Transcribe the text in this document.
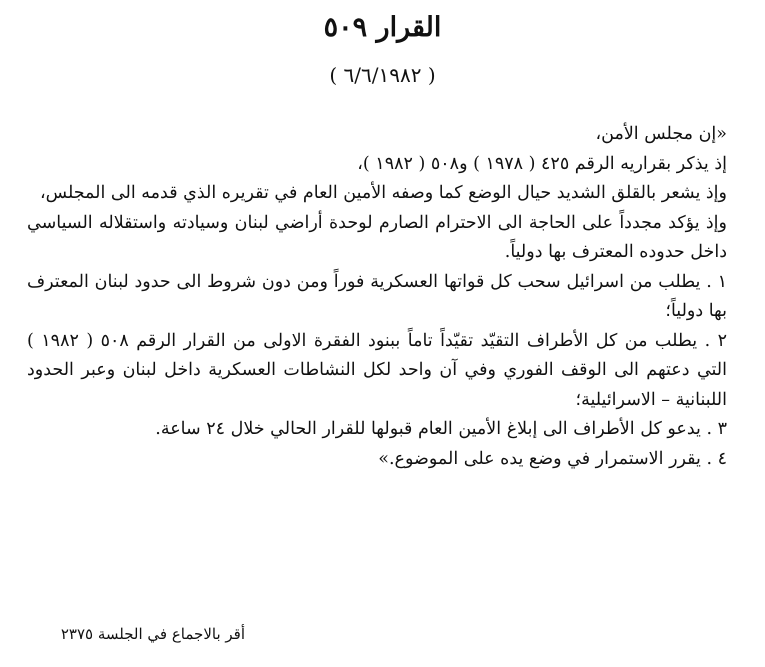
القرار ٥٠٩
( ٦/٦/١٩٨٢ )

«إن مجلس الأمن،

إذ يذكر بقراريه الرقم ٤٢٥ ( ١٩٧٨ ) و٥٠٨ ( ١٩٨٢ )،

وإذ يشعر بالقلق الشديد حيال الوضع كما وصفه الأمين العام في تقريره الذي قدمه الى المجلس،

وإذ يؤكد مجدداً على الحاجة الى الاحترام الصارم لوحدة أراضي لبنان وسيادته واستقلاله السياسي داخل حدوده المعترف بها دولياً.

١ . يطلب من اسرائيل سحب كل قواتها العسكرية فوراً ومن دون شروط الى حدود لبنان المعترف بها دولياً؛

٢ . يطلب من كل الأطراف التقيّد تقيّداً تاماً ببنود الفقرة الاولى من القرار الرقم ٥٠٨ ( ١٩٨٢ ) التي دعتهم الى الوقف الفوري وفي آن واحد لكل النشاطات العسكرية داخل لبنان وعبر الحدود اللبنانية – الاسرائيلية؛

٣ . يدعو كل الأطراف الى إبلاغ الأمين العام قبولها للقرار الحالي خلال ٢٤ ساعة.

٤ . يقرر الاستمرار في وضع يده على الموضوع.»

أقر بالاجماع في الجلسة ٢٣٧٥
